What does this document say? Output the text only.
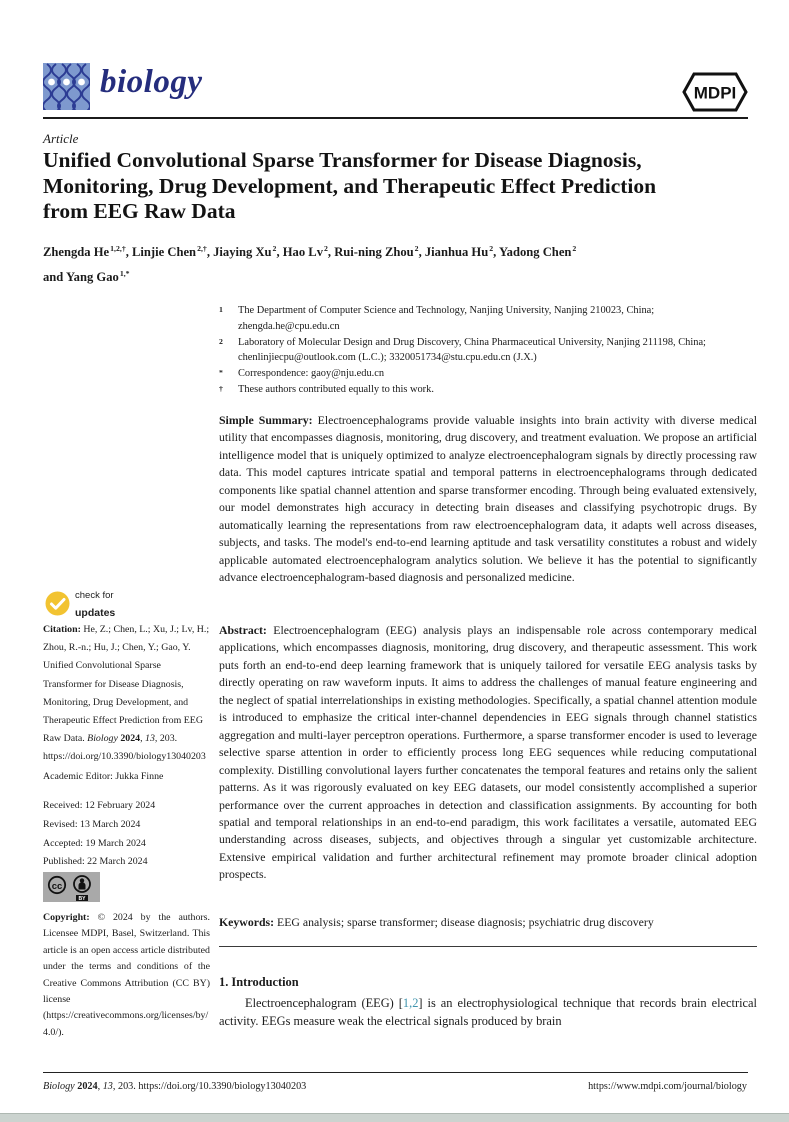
biology	MDPI
Article
Unified Convolutional Sparse Transformer for Disease Diagnosis, Monitoring, Drug Development, and Therapeutic Effect Prediction from EEG Raw Data
Zhengda $He^{1,2,\dagger}$, Linjie Chen$^{2,\dagger}$, Jiaying Xu$^2$, Hao Lv$^2$, Rui-ning Zhou$^2$, Jianhua Hu$^2$, Yadong Chen$^2$
and Yang Gao$^{1,*}$
1	The Department of Computer Science and Technology, Nanjing University, Nanjing 210023, China; zhengda.he@cpu.edu.cn
2	Laboratory of Molecular Design and Drug Discovery, China Pharmaceutical University, Nanjing 211198, China; chenlinjiecpu@outlook.com (L.C.); 3320051734@stu.cpu.edu.cn (J.X.)
*	Correspondence: gaoy@nju.edu.cn
†	These authors contributed equally to this work.

Simple Summary: Electroencephalograms provide valuable insights into brain activity with diverse medical utility that encompasses diagnosis, monitoring, drug discovery, and treatment evaluation. We propose an artificial intelligence model that is uniquely optimized to analyze electroencephalogram signals by directly processing raw data. This model captures intricate spatial and temporal patterns in electroencephalograms through dedicated components like spatial channel attention and sparse transformer encoding. Through being evaluated extensively, our model demonstrates high accuracy in detecting brain diseases and classifying psychotropic drugs. By automatically learning the representations from raw electroencephalogram data, it adapts well across diseases, subjects, and tasks. The model's end-to-end learning aptitude and task versatility constitutes a robust and widely applicable automated electroencephalogram analytics solution. We believe it has the potential to significantly advance electroencephalogram-based diagnosis and personalized medicine.

Abstract: Electroencephalogram (EEG) analysis plays an indispensable role across contemporary medical applications, which encompasses diagnosis, monitoring, drug discovery, and therapeutic assessment. This work puts forth an end-to-end deep learning framework that is uniquely tailored for versatile EEG analysis tasks by directly operating on raw waveform inputs. It aims to address the challenges of manual feature engineering and the neglect of spatial interrelationships in existing methodologies. Specifically, a spatial channel attention module is introduced to emphasize the critical inter-channel dependencies in EEG signals through channel statistics aggregation and multi-layer perceptron operations. Furthermore, a sparse transformer encoder is used to leverage selective sparse attention in order to efficiently process long EEG sequences while reducing computational complexity. Distilling convolutional layers further concatenates the temporal features and retains only the salient patterns. As it was rigorously evaluated on key EEG datasets, our model consistently accomplished a superior performance over the current approaches in detection and classification assignments. By accounting for both spatial and temporal relationships in an end-to-end paradigm, this work facilitates a versatile, automated EEG understanding across diseases, subjects, and objectives through a singular yet customizable architecture. Extensive empirical validation and further architectural refinement may promote broader clinical adoption prospects.

Keywords: EEG analysis; sparse transformer; disease diagnosis; psychiatric drug discovery

1. Introduction

Electroencephalogram (EEG) [1,2] is an electrophysiological technique that records brain electrical activity. EEGs measure weak the electrical signals produced by brain

check for
updates

Citation: He, Z.; Chen, L.; Xu, J.; Lv, H.; Zhou, R.-n.; Hu, J.; Chen, Y.; Gao, Y. Unified Convolutional Sparse Transformer for Disease Diagnosis, Monitoring, Drug Development, and Therapeutic Effect Prediction from EEG Raw Data. Biology 2024, 13, 203. https://doi.org/10.3390/biology13040203

Academic Editor: Jukka Finne

Received: 12 February 2024
Revised: 13 March 2024
Accepted: 19 March 2024
Published: 22 March 2024
cc
BY

Copyright: © 2024 by the authors. Licensee MDPI, Basel, Switzerland. This article is an open access article distributed under the terms and conditions of the Creative Commons Attribution (CC BY) license (https://creativecommons.org/licenses/by/4.0/).

Biology 2024, 13, 203. https://doi.org/10.3390/biology13040203	https://www.mdpi.com/journal/biology
